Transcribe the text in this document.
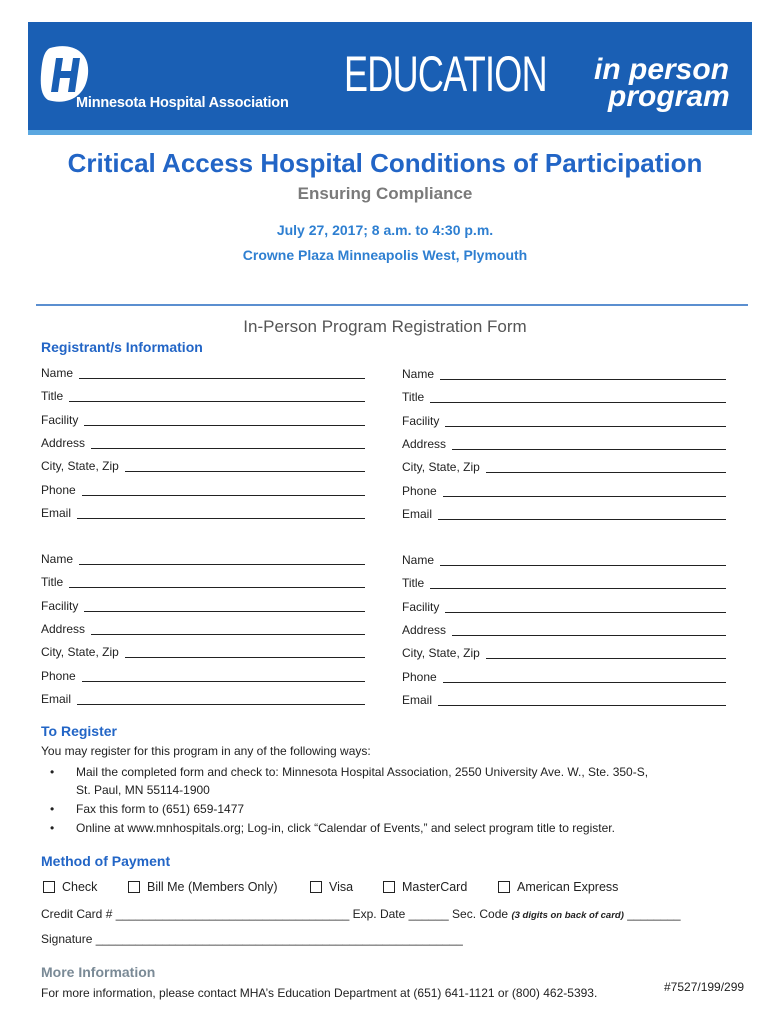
Minnesota Hospital Association
EDUCATION in person
program
Critical Access Hospital Conditions of Participation
Ensuring Compliance
July 27, 2017; 8 a.m. to 4:30 p.m.
Crowne Plaza Minneapolis West, Plymouth
In-Person Program Registration Form
Registrant/s Information
Name
Title
Facility
Address
City, State, Zip
Phone
Email
Name
Title
Facility
Address
City, State, Zip
Phone
Email
Name
Title
Facility
Address
City, State, Zip
Phone
Email
Name
Title
Facility
Address
City, State, Zip
Phone
Email
To Register
You may register for this program in any of the following ways:
• Mail the completed form and check to: Minnesota Hospital Association, 2550 University Ave. W., Ste. 350-S,
St. Paul, MN 55114-1900
• Fax this form to (651) 659-1477
• Online at www.mnhospitals.org; Log-in, click “Calendar of Events,” and select program title to register.
Method of Payment
Check	Bill Me (Members Only)	Visa	MasterCard	American Express
Credit Card # ___________________________________ Exp. Date ______ Sec. Code (3 digits on back of card) ________
Signature _______________________________________________________
More Information
For more information, please contact MHA’s Education Department at (651) 641-1121 or (800) 462-5393.	#7527/199/299
